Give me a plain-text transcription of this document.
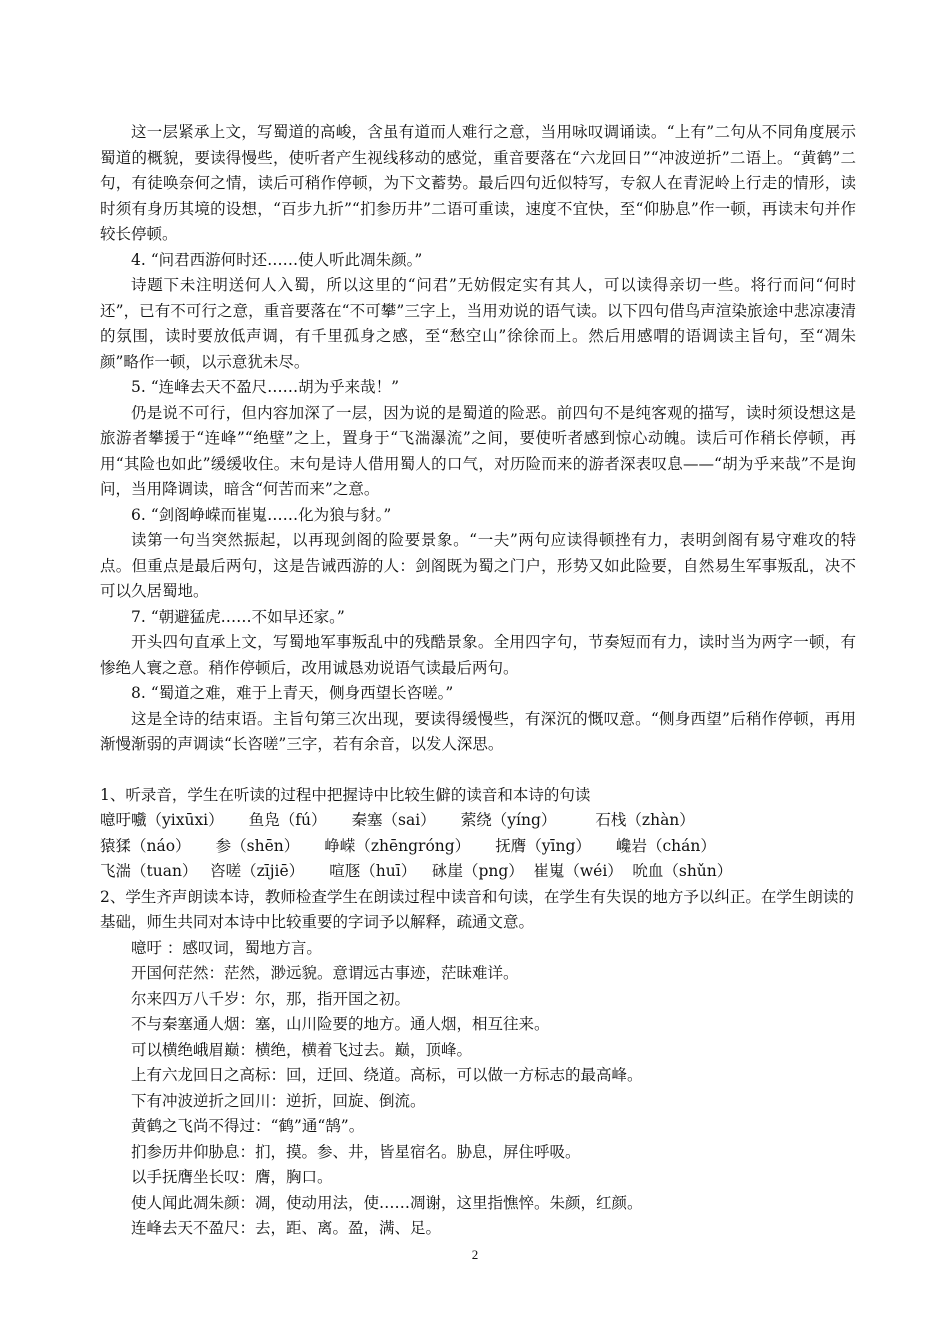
这一层紧承上文，写蜀道的高峻，含虽有道而人难行之意，当用咏叹调诵读。“上有”二句从不同角度展示蜀道的概貌，要读得慢些，使听者产生视线移动的感觉，重音要落在“六龙回日”“冲波逆折”二语上。“黄鹤”二句，有徒唤奈何之情，读后可稍作停顿，为下文蓄势。最后四句近似特写，专叙人在青泥岭上行走的情形，读时须有身历其境的设想，“百步九折”“扪参历井”二语可重读，速度不宜快，至“仰胁息”作一顿，再读末句并作较长停顿。

4. “问君西游何时还……使人听此凋朱颜。”

诗题下未注明送何人入蜀，所以这里的“问君”无妨假定实有其人，可以读得亲切一些。将行而问“何时还”，已有不可行之意，重音要落在“不可攀”三字上，当用劝说的语气读。以下四句借鸟声渲染旅途中悲凉凄清的氛围，读时要放低声调，有千里孤身之感，至“愁空山”徐徐而上。然后用感喟的语调读主旨句，至“凋朱颜”略作一顿，以示意犹未尽。

5. “连峰去天不盈尺……胡为乎来哉！”

仍是说不可行，但内容加深了一层，因为说的是蜀道的险恶。前四句不是纯客观的描写，读时须设想这是旅游者攀援于“连峰”“绝壁”之上，置身于“飞湍瀑流”之间，要使听者感到惊心动魄。读后可作稍长停顿，再用“其险也如此”缓缓收住。末句是诗人借用蜀人的口气，对历险而来的游者深表叹息——“胡为乎来哉”不是询问，当用降调读，暗含“何苦而来”之意。

6. “剑阁峥嵘而崔嵬……化为狼与豺。”

读第一句当突然振起，以再现剑阁的险要景象。“一夫”两句应读得顿挫有力，表明剑阁有易守难攻的特点。但重点是最后两句，这是告诫西游的人：剑阁既为蜀之门户，形势又如此险要，自然易生军事叛乱，决不可以久居蜀地。

7. “朝避猛虎……不如早还家。”

开头四句直承上文，写蜀地军事叛乱中的残酷景象。全用四字句，节奏短而有力，读时当为两字一顿，有惨绝人寰之意。稍作停顿后，改用诚恳劝说语气读最后两句。

8. “蜀道之难，难于上青天，侧身西望长咨嗟。”

这是全诗的结束语。主旨句第三次出现，要读得缓慢些，有深沉的慨叹意。“侧身西望”后稍作停顿，再用渐慢渐弱的声调读“长咨嗟”三字，若有余音，以发人深思。

1、听录音，学生在听读的过程中把握诗中比较生僻的读音和本诗的句读

噫吁嚱（yixūxi） 鱼凫（fú） 秦塞（sai） 萦绕（yíng）	石栈（zhàn）

猿猱（náo） 参（shēn） 峥嵘（zhēngróng） 抚膺（yīng） 巉岩（chán）

飞湍（tuan） 咨嗟（zījiē） 喧豗（huī） 砯崖（png） 崔嵬（wéi） 吮血（shǔn）

2、学生齐声朗读本诗，教师检查学生在朗读过程中读音和句读，在学生有失误的地方予以纠正。在学生朗读的基础，师生共同对本诗中比较重要的字词予以解释，疏通文意。

噫吁 ：感叹词，蜀地方言。

开国何茫然：茫然，渺远貌。意谓远古事迹，茫昧难详。

尔来四万八千岁：尔，那，指开国之初。

不与秦塞通人烟：塞，山川险要的地方。通人烟，相互往来。

可以横绝峨眉巅：横绝，横着飞过去。巅，顶峰。

上有六龙回日之高标：回，迂回、绕道。高标，可以做一方标志的最高峰。

下有冲波逆折之回川：逆折，回旋、倒流。

黄鹤之飞尚不得过：“鹤”通“鹄”。

扪参历井仰胁息：扪，摸。参、井，皆星宿名。胁息，屏住呼吸。

以手抚膺坐长叹：膺，胸口。

使人闻此凋朱颜：凋，使动用法，使……凋谢，这里指憔悴。朱颜，红颜。

连峰去天不盈尺：去，距、离。盈，满、足。

2
